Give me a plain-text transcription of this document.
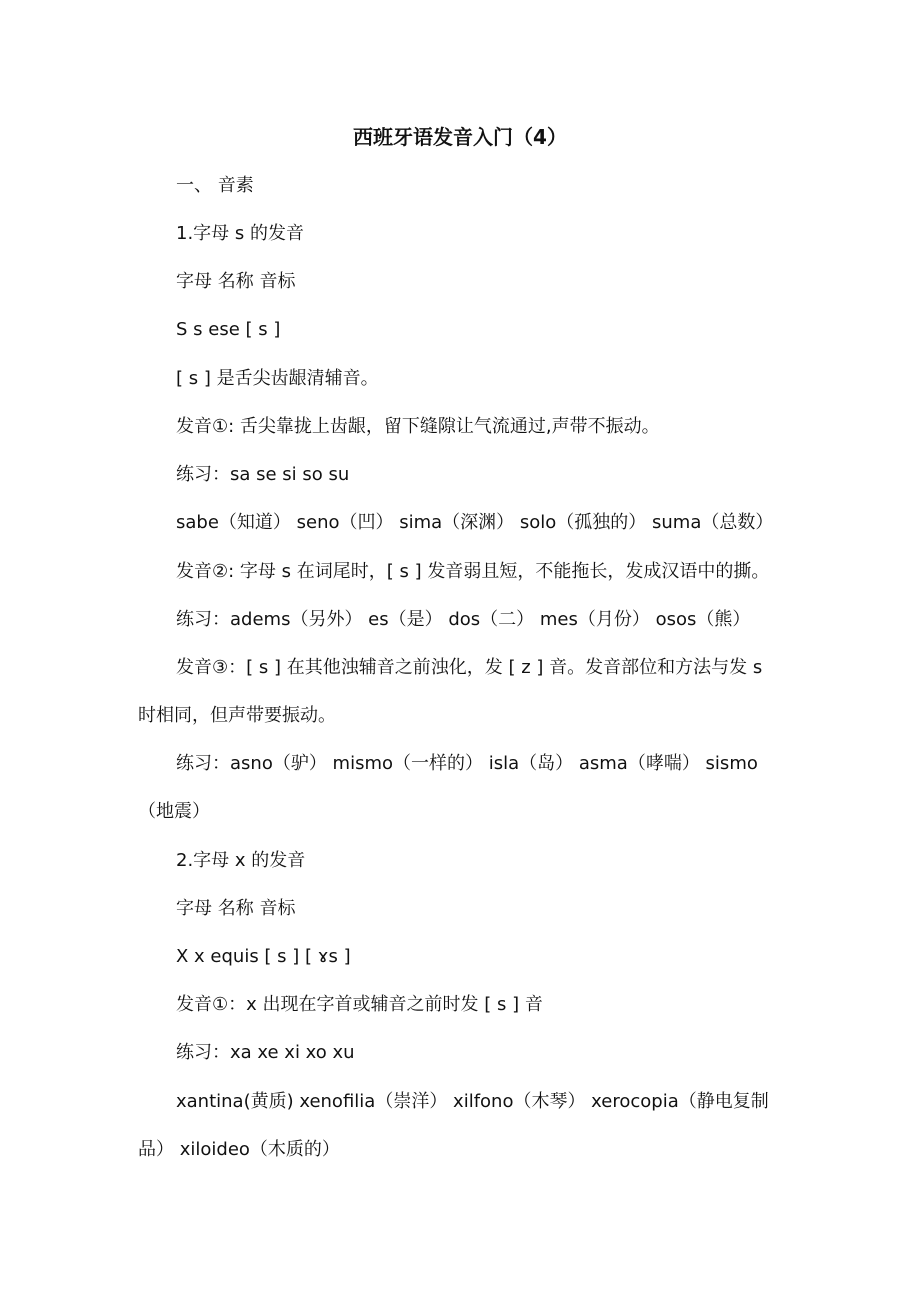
西班牙语发音入门（4）
一、 音素
1.字母 s 的发音
字母 名称 音标
S s ese [ s ]
[ s ] 是舌尖齿龈清辅音。
发音①: 舌尖靠拢上齿龈，留下缝隙让气流通过,声带不振动。
练习：sa se si so su
sabe（知道） seno（凹） sima（深渊） solo（孤独的） suma（总数）
发音②: 字母 s 在词尾时，[ s ] 发音弱且短，不能拖长，发成汉语中的撕。
练习：adems（另外） es（是） dos（二） mes（月份） osos（熊）
发音③：[ s ] 在其他浊辅音之前浊化，发 [ z ] 音。发音部位和方法与发 s
时相同，但声带要振动。
练习：asno（驴） mismo（一样的） isla（岛） asma（哮喘） sismo
（地震）
2.字母 x 的发音
字母 名称 音标
X x equis [ s ] [ ɤs ]
发音①：x 出现在字首或辅音之前时发 [ s ] 音
练习：xa xe xi xo xu
xantina(黄质) xenofilia（崇洋） xilfono（木琴） xerocopia（静电复制
品） xiloideo（木质的）
